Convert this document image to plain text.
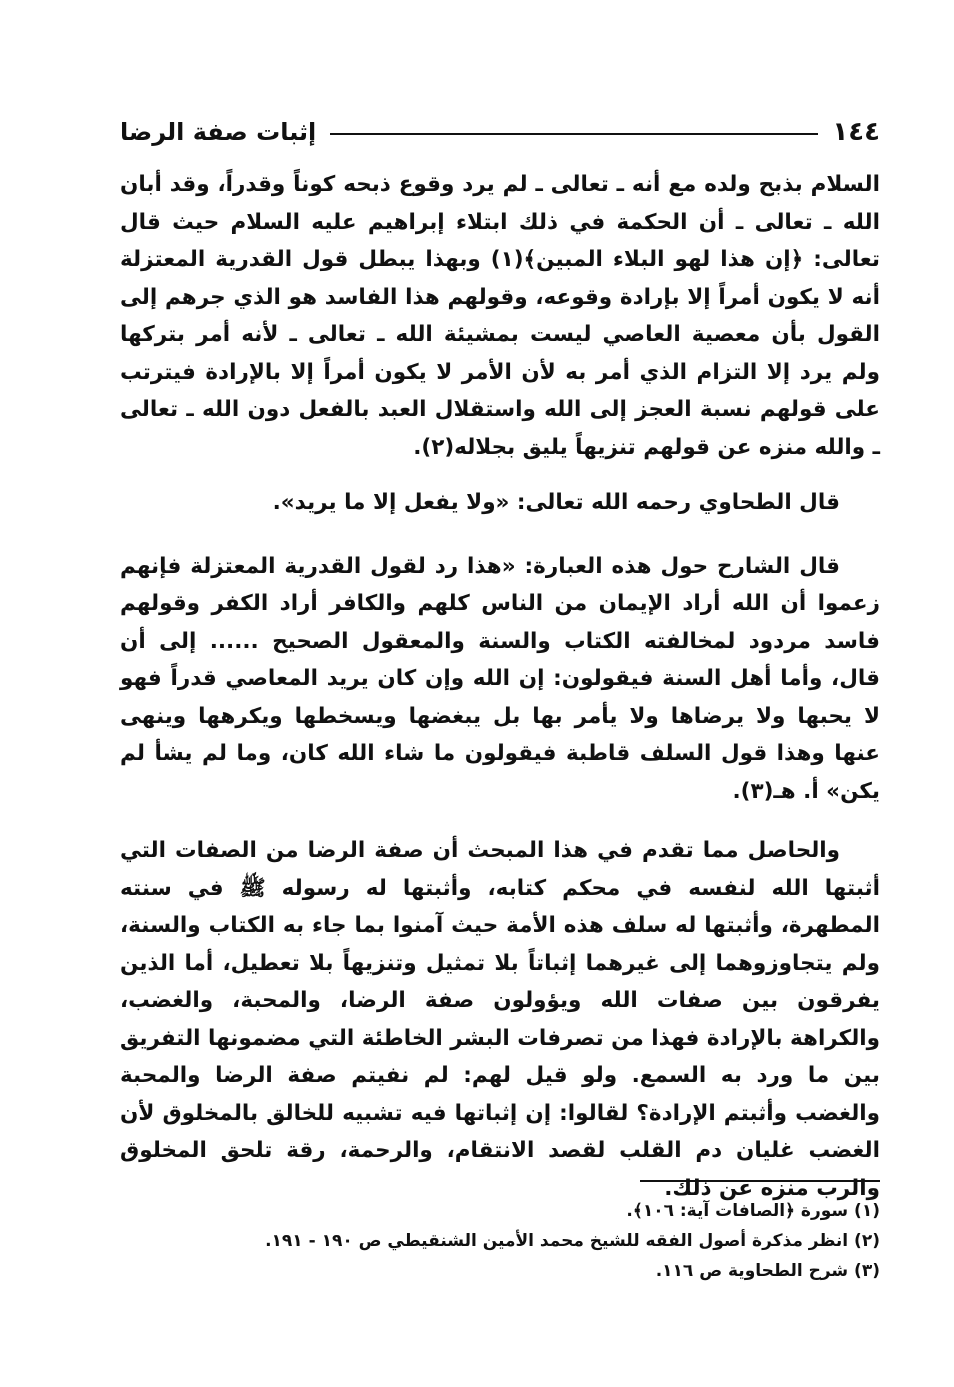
١٤٤
إثبات صفة الرضا

السلام بذبح ولده مع أنه ـ تعالى ـ لم يرد وقوع ذبحه كوناً وقدراً، وقد أبان الله ـ تعالى ـ أن الحكمة في ذلك ابتلاء إبراهيم عليه السلام حيث قال تعالى: ﴿إن هذا لهو البلاء المبين﴾(١) وبهذا يبطل قول القدرية المعتزلة أنه لا يكون أمراً إلا بإرادة وقوعه، وقولهم هذا الفاسد هو الذي جرهم إلى القول بأن معصية العاصي ليست بمشيئة الله ـ تعالى ـ لأنه أمر بتركها ولم يرد إلا التزام الذي أمر به لأن الأمر لا يكون أمراً إلا بالإرادة فيترتب على قولهم نسبة العجز إلى الله واستقلال العبد بالفعل دون الله ـ تعالى ـ والله منزه عن قولهم تنزيهاً يليق بجلاله(٢).

قال الطحاوي رحمه الله تعالى: «ولا يفعل إلا ما يريد».

قال الشارح حول هذه العبارة: «هذا رد لقول القدرية المعتزلة فإنهم زعموا أن الله أراد الإيمان من الناس كلهم والكافر أراد الكفر وقولهم فاسد مردود لمخالفته الكتاب والسنة والمعقول الصحيح ...... إلى أن قال، وأما أهل السنة فيقولون: إن الله وإن كان يريد المعاصي قدراً فهو لا يحبها ولا يرضاها ولا يأمر بها بل يبغضها ويسخطها ويكرهها وينهى عنها وهذا قول السلف قاطبة فيقولون ما شاء الله كان، وما لم يشأ لم يكن» أ. هـ(٣).

والحاصل مما تقدم في هذا المبحث أن صفة الرضا من الصفات التي أثبتها الله لنفسه في محكم كتابه، وأثبتها له رسوله ﷺ في سنته المطهرة، وأثبتها له سلف هذه الأمة حيث آمنوا بما جاء به الكتاب والسنة، ولم يتجاوزوهما إلى غيرهما إثباتاً بلا تمثيل وتنزيهاً بلا تعطيل، أما الذين يفرقون بين صفات الله ويؤولون صفة الرضا، والمحبة، والغضب، والكراهة بالإرادة فهذا من تصرفات البشر الخاطئة التي مضمونها التفريق بين ما ورد به السمع. ولو قيل لهم: لم نفيتم صفة الرضا والمحبة والغضب وأثبتم الإرادة؟ لقالوا: إن إثباتها فيه تشبيه للخالق بالمخلوق لأن الغضب غليان دم القلب لقصد الانتقام، والرحمة، رقة تلحق المخلوق والرب منزه عن ذلك.

(١) سورة ﴿الصافات آية: ١٠٦﴾.
(٢) انظر مذكرة أصول الفقه للشيخ محمد الأمين الشنقيطي ص ١٩٠ - ١٩١.
(٣) شرح الطحاوية ص ١١٦.
